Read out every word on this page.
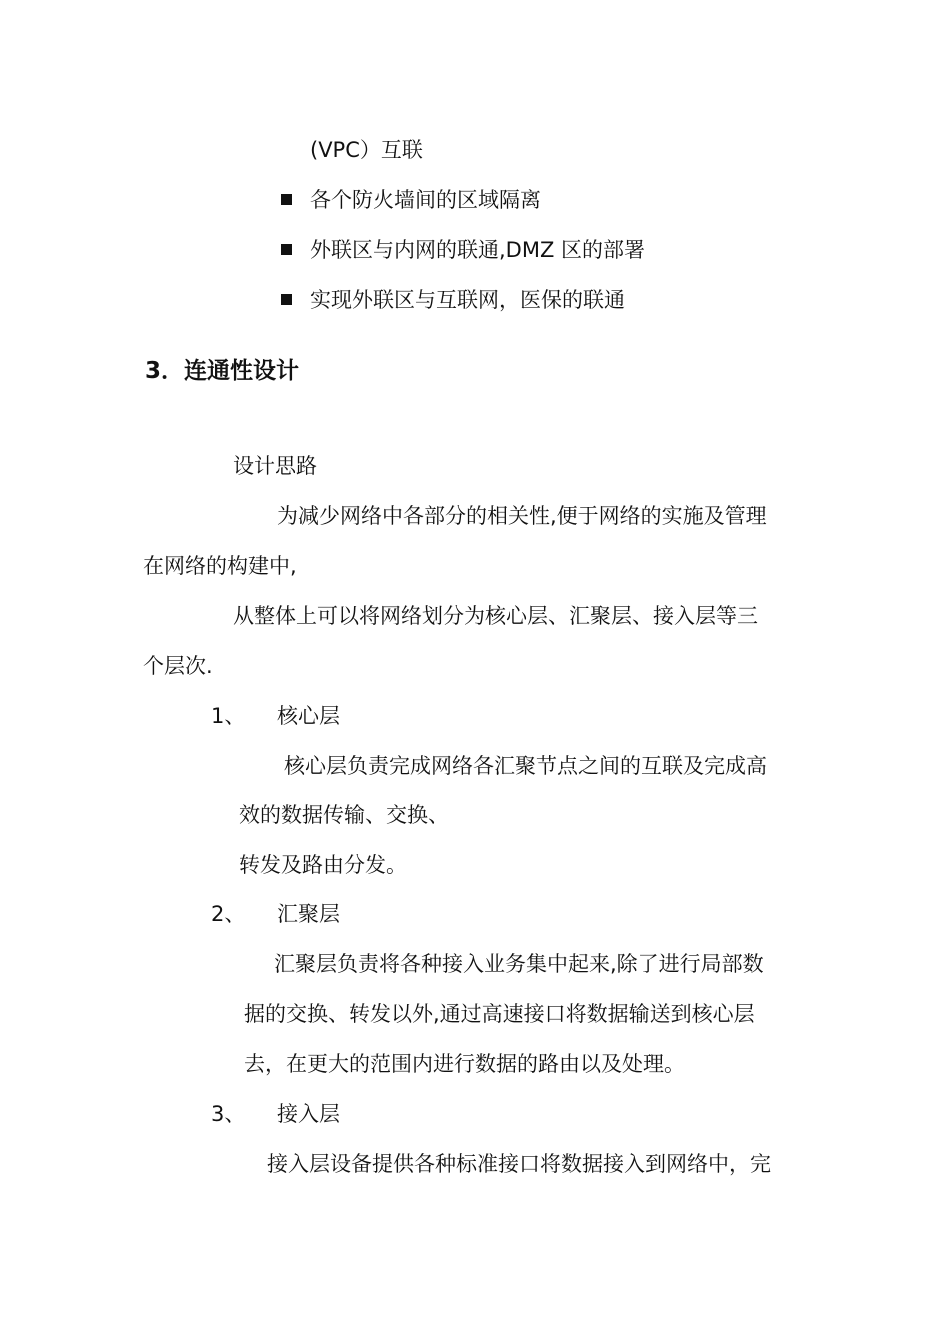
(VPC）互联
各个防火墙间的区域隔离
外联区与内网的联通,DMZ 区的部署
实现外联区与互联网，医保的联通
3．连通性设计
设计思路
为减少网络中各部分的相关性,便于网络的实施及管理
在网络的构建中,
从整体上可以将网络划分为核心层、汇聚层、接入层等三
个层次.
1、 核心层
核心层负责完成网络各汇聚节点之间的互联及完成高
效的数据传输、交换、
转发及路由分发。
2、 汇聚层
汇聚层负责将各种接入业务集中起来,除了进行局部数
据的交换、转发以外,通过高速接口将数据输送到核心层
去，在更大的范围内进行数据的路由以及处理。
3、 接入层
接入层设备提供各种标准接口将数据接入到网络中，完
